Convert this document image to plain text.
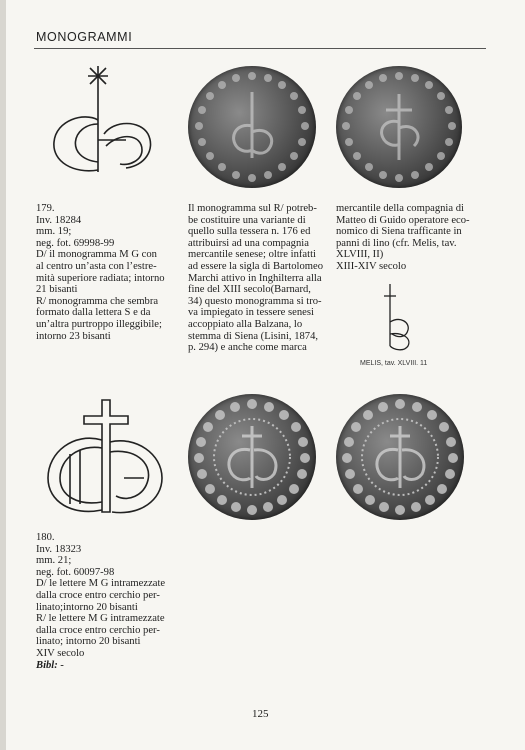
MONOGRAMMI
179.
Inv. 18284
mm. 19;
neg. fot. 69998-99
D/ il monogramma M G con
al centro un’asta con l’estre-
mità superiore radiata; intorno
21 bisanti
R/ monogramma che sembra
formato dalla lettera S e da
un’altra purtroppo illeggibile;
intorno 23 bisanti
Il monogramma sul R/ potreb-
be costituire una variante di
quello sulla tessera n. 176 ed
attribuirsi ad una compagnia
mercantile senese; oltre infatti
ad essere la sigla di Bartolomeo
Marchi attivo in Inghilterra alla
fine del XIII secolo(Barnard,
34) questo monogramma si tro-
va impiegato in tessere senesi
accoppiato alla Balzana, lo
stemma di Siena (Lisini, 1874,
p. 294) e anche come marca
mercantile della compagnia di
Matteo di Guido operatore eco-
nomico di Siena trafficante in
panni di lino (cfr. Melis, tav.
XLVIII, II)
XIII-XIV secolo
MELIS, tav. XLVIII. 11
180.
Inv. 18323
mm. 21;
neg. fot. 60097-98
D/ le lettere M G intramezzate
dalla croce entro cerchio per-
linato;intorno 20 bisanti
R/ le lettere M G intramezzate
dalla croce entro cerchio per-
linato; intorno 20 bisanti
XIV secolo
Bibl: -
125
